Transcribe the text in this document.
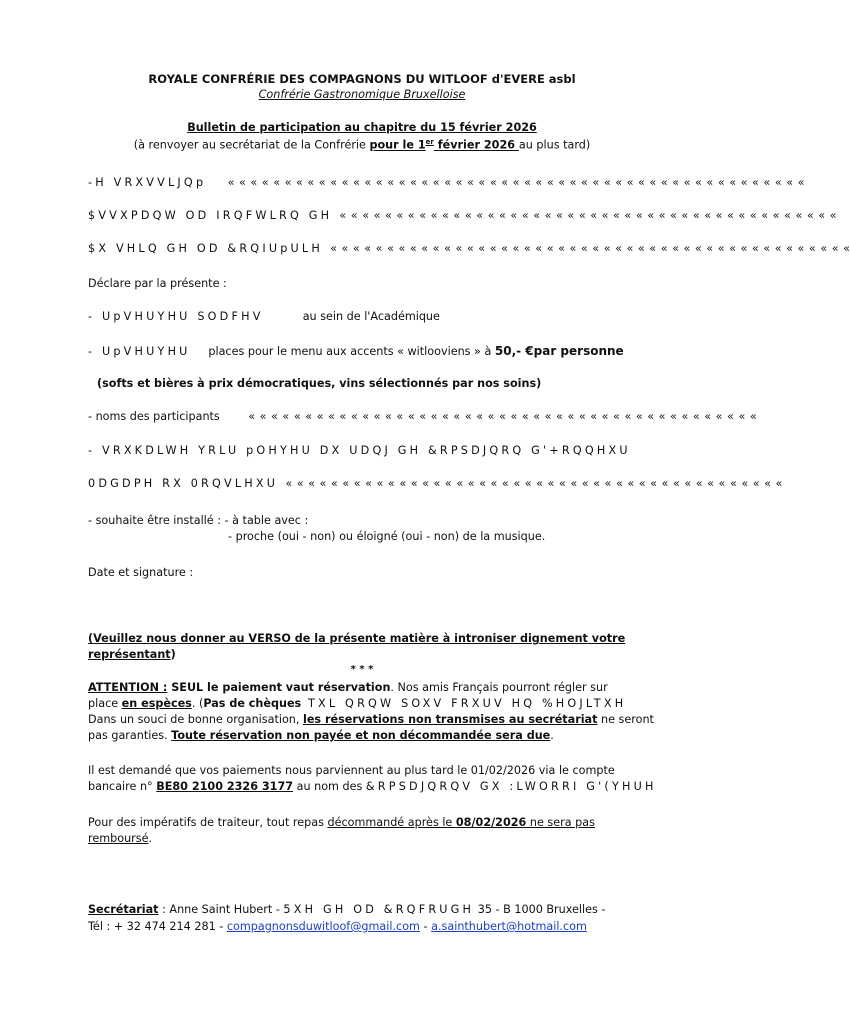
ROYALE CONFRÉRIE DES COMPAGNONS DU WITLOOF d'EVERE asbl
Confrérie Gastronomique Bruxelloise
Bulletin de participation au chapitre du 15 février 2026
(à renvoyer au secrétariat de la Confrérie pour le 1er février 2026 au plus tard)
-H VRXVVLJQp « « « « « « « « « « « « « « « « « « « « « « « « « « « « « « « « « « « « « « « « « « « « « « « « « « «
$VVXPDQW OD IRQFWLRQ GH « « « « « « « « « « « « « « « « « « « « « « « « « « « « « « « « « « « « « « « « « « « «
$X VHLQ GH OD &RQIUpULH « « « « « « « « « « « « « « « « « « « « « « « « « « « « « « « « « « « « « « « « « « « « « «
Déclare par la présente :
- UpVHUYHU SODFHV	au sein de l'Académique
- UpVHUYHU places pour le menu aux accents « witlooviens » à 50,- €par personne
(softs et bières à prix démocratiques, vins sélectionnés par nos soins)
- noms des participants	« « « « « « « « « « « « « « « « « « « « « « « « « « « « « « « « « « « « « « « « « « « « «
- VRXKDLWH YRLU pOHYHU DX UDQJ GH &RPSDJQRQ G'+RQQHXU
0DGDPH RX 0RQVLHXU « « « « « « « « « « « « « « « « « « « « « « « « « « « « « « « « « « « « « « « « « « « «
- souhaite être installé : - à table avec :
- proche (oui - non) ou éloigné (oui - non) de la musique.
Date et signature :
(Veuillez nous donner au VERSO de la présente matière à introniser dignement votre
représentant)
* * *
ATTENTION : SEUL le paiement vaut réservation. Nos amis Français pourront régler sur
place en espèces. (Pas de chèques TXL QRQW SOXV FRXUV HQ %HOJLTXH
Dans un souci de bonne organisation, les réservations non transmises au secrétariat ne seront
pas garanties. Toute réservation non payée et non décommandée sera due.
Il est demandé que vos paiements nous parviennent au plus tard le 01/02/2026 via le compte
bancaire n° BE80 2100 2326 3177 au nom des &RPSDJQRQV GX :LWORRI G'(YHUH
Pour des impératifs de traiteur, tout repas décommandé après le 08/02/2026 ne sera pas
remboursé.
Secrétariat : Anne Saint Hubert - 5XH GH OD &RQFRUGH 35 - B 1000 Bruxelles -
Tél : + 32 474 214 281 - compagnonsduwitloof@gmail.com - a.sainthubert@hotmail.com
